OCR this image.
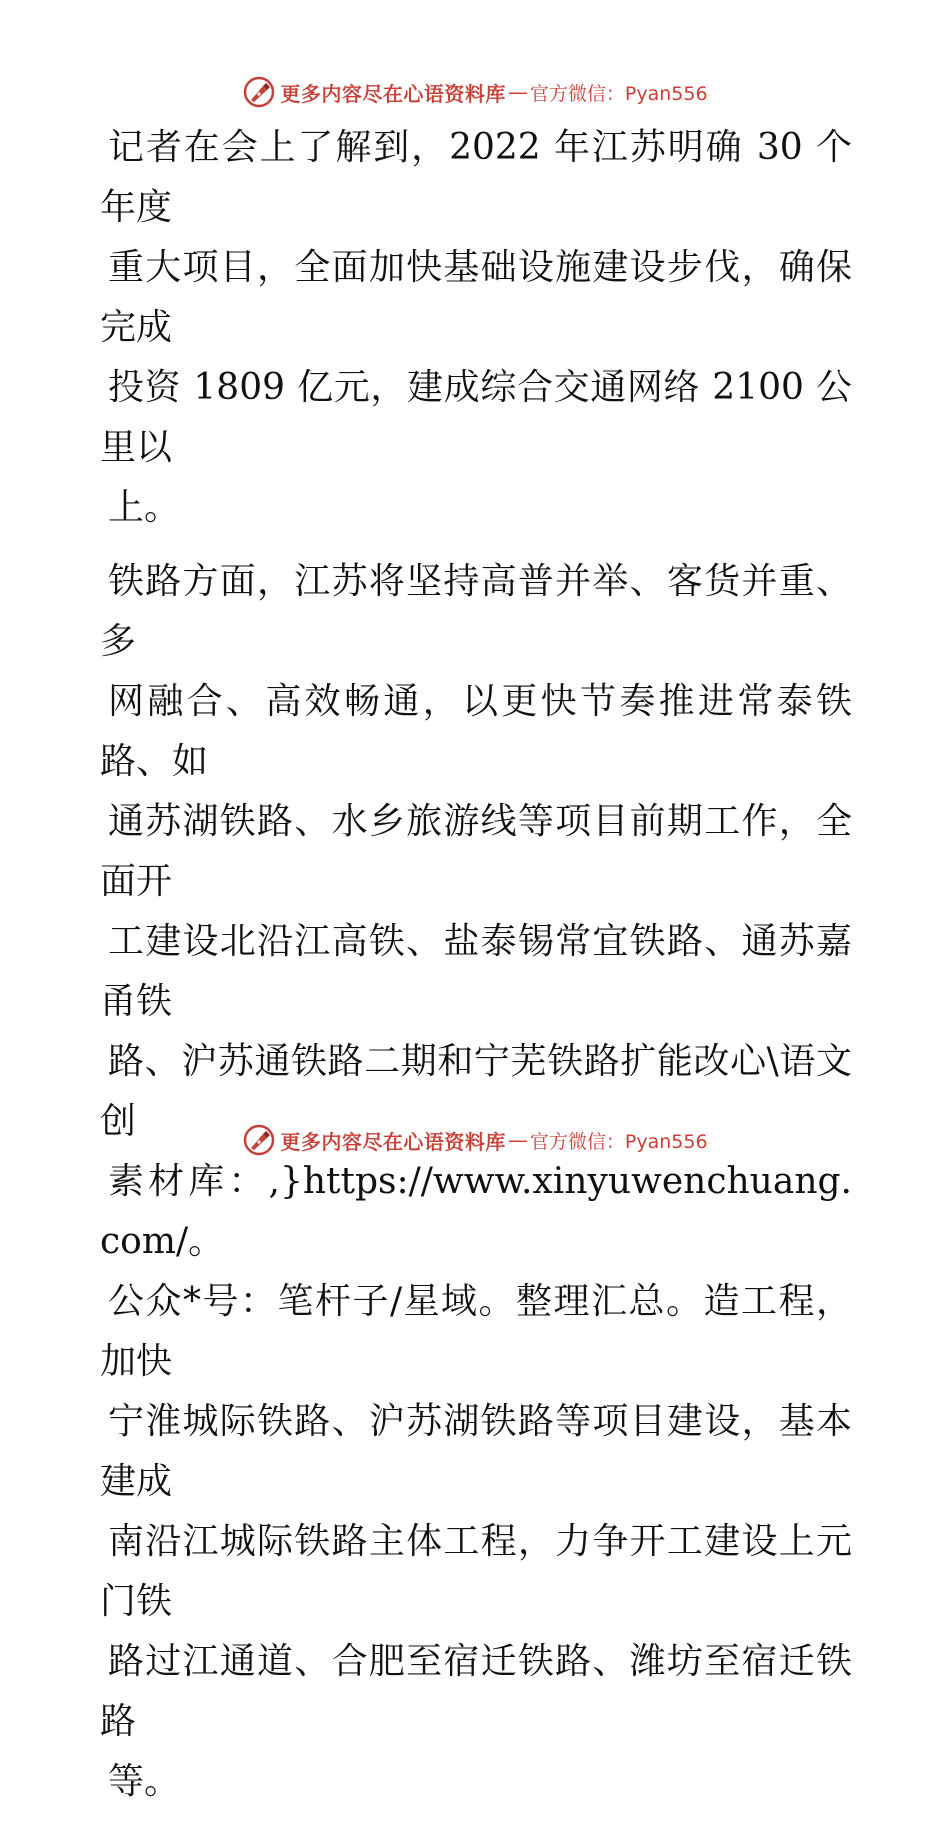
更多内容尽在心语资料库 — 官方微信：Pyan556

记者在会上了解到，2022 年江苏明确 30 个年度
重大项目，全面加快基础设施建设步伐，确保完成
投资 1809 亿元，建成综合交通网络 2100 公里以
上。

铁路方面，江苏将坚持高普并举、客货并重、多
网融合、高效畅通，以更快节奏推进常泰铁路、如
通苏湖铁路、水乡旅游线等项目前期工作，全面开
工建设北沿江高铁、盐泰锡常宜铁路、通苏嘉甬铁
路、沪苏通铁路二期和宁芜铁路扩能改心\语文创
素材库：,}https://www.xinyuwenchuang.com/。
公众*号：笔杆子/星域。整理汇总。造工程，加快
宁淮城际铁路、沪苏湖铁路等项目建设，基本建成
南沿江城际铁路主体工程，力争开工建设上元门铁
路过江通道、合肥至宿迁铁路、潍坊至宿迁铁路
等。

更多内容尽在心语资料库 — 官方微信：Pyan556
